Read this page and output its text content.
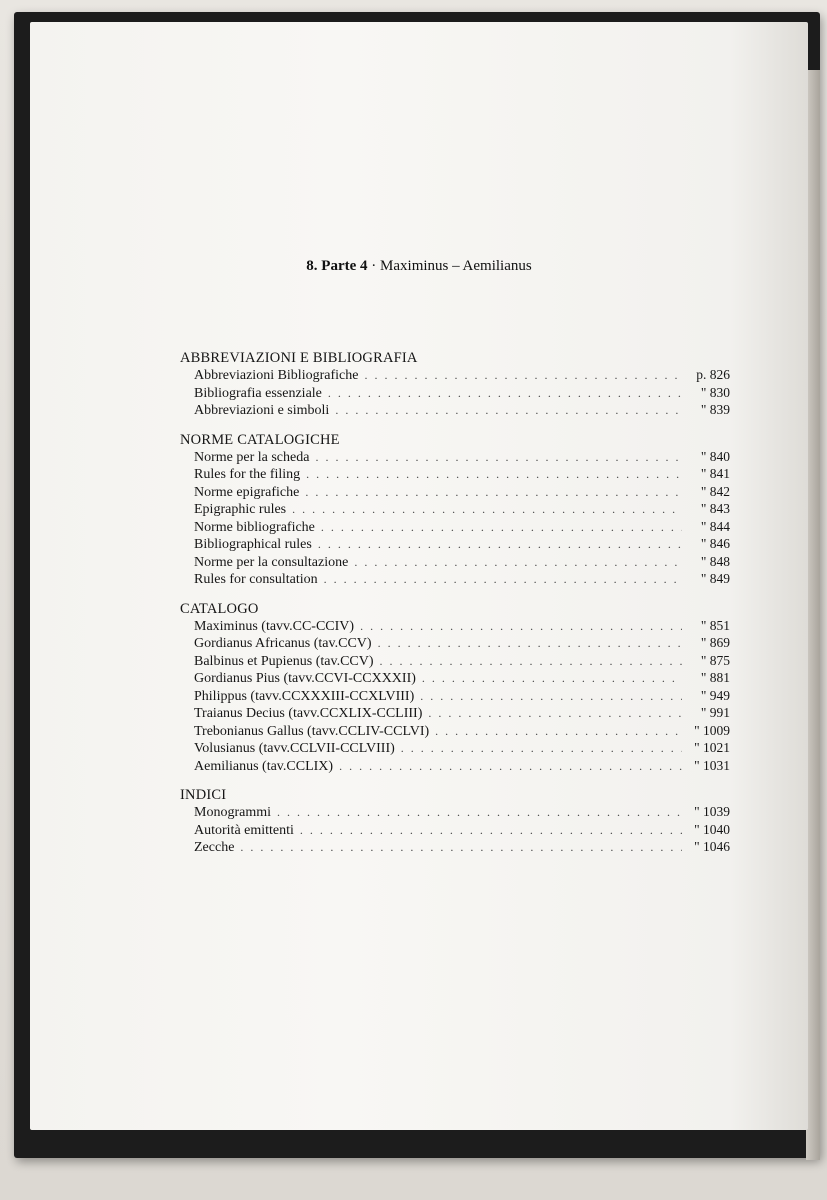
8. Parte 4 · Maximinus – Aemilianus
ABBREVIAZIONI E BIBLIOGRAFIA
Abbreviazioni Bibliografiche . . .	p. 826
Bibliografia essenziale . . .	" 830
Abbreviazioni e simboli . . .	" 839
NORME CATALOGICHE
Norme per la scheda . . .	" 840
Rules for the filing . . .	" 841
Norme epigrafiche . . .	" 842
Epigraphic rules . . .	" 843
Norme bibliografiche . . .	" 844
Bibliographical rules . . .	" 846
Norme per la consultazione . . .	" 848
Rules for consultation . . .	" 849
CATALOGO
Maximinus (tavv.CC-CCIV) . . .	" 851
Gordianus Africanus (tav.CCV) . . .	" 869
Balbinus et Pupienus (tav.CCV) . . .	" 875
Gordianus Pius (tavv.CCVI-CCXXXII) . . .	" 881
Philippus (tavv.CCXXXIII-CCXLVIII) . . .	" 949
Traianus Decius (tavv.CCXLIX-CCLIII) . . .	" 991
Trebonianus Gallus (tavv.CCLIV-CCLVI) . . .	" 1009
Volusianus (tavv.CCLVII-CCLVIII) . . .	" 1021
Aemilianus (tav.CCLIX) . . .	" 1031
INDICI
Monogrammi . . .	" 1039
Autorità emittenti . . .	" 1040
Zecche . . .	" 1046
